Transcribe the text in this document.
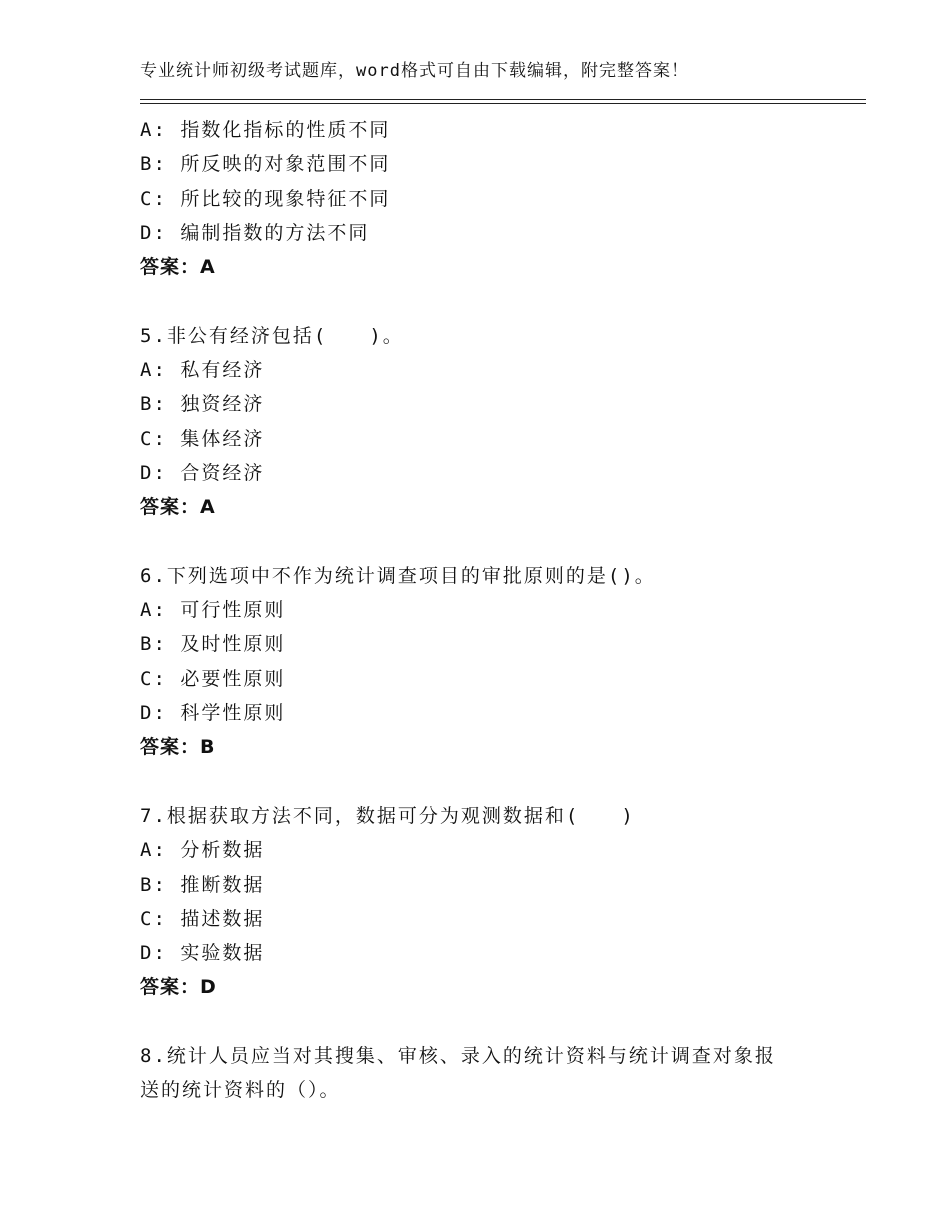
专业统计师初级考试题库，word格式可自由下载编辑，附完整答案！
A: 指数化指标的性质不同
B: 所反映的对象范围不同
C: 所比较的现象特征不同
D: 编制指数的方法不同
答案：A
5.非公有经济包括(　　)。
A: 私有经济
B: 独资经济
C: 集体经济
D: 合资经济
答案：A
6.下列选项中不作为统计调查项目的审批原则的是()。
A: 可行性原则
B: 及时性原则
C: 必要性原则
D: 科学性原则
答案：B
7.根据获取方法不同，数据可分为观测数据和(　　)
A: 分析数据
B: 推断数据
C: 描述数据
D: 实验数据
答案：D
8.统计人员应当对其搜集、审核、录入的统计资料与统计调查对象报
送的统计资料的（）。
